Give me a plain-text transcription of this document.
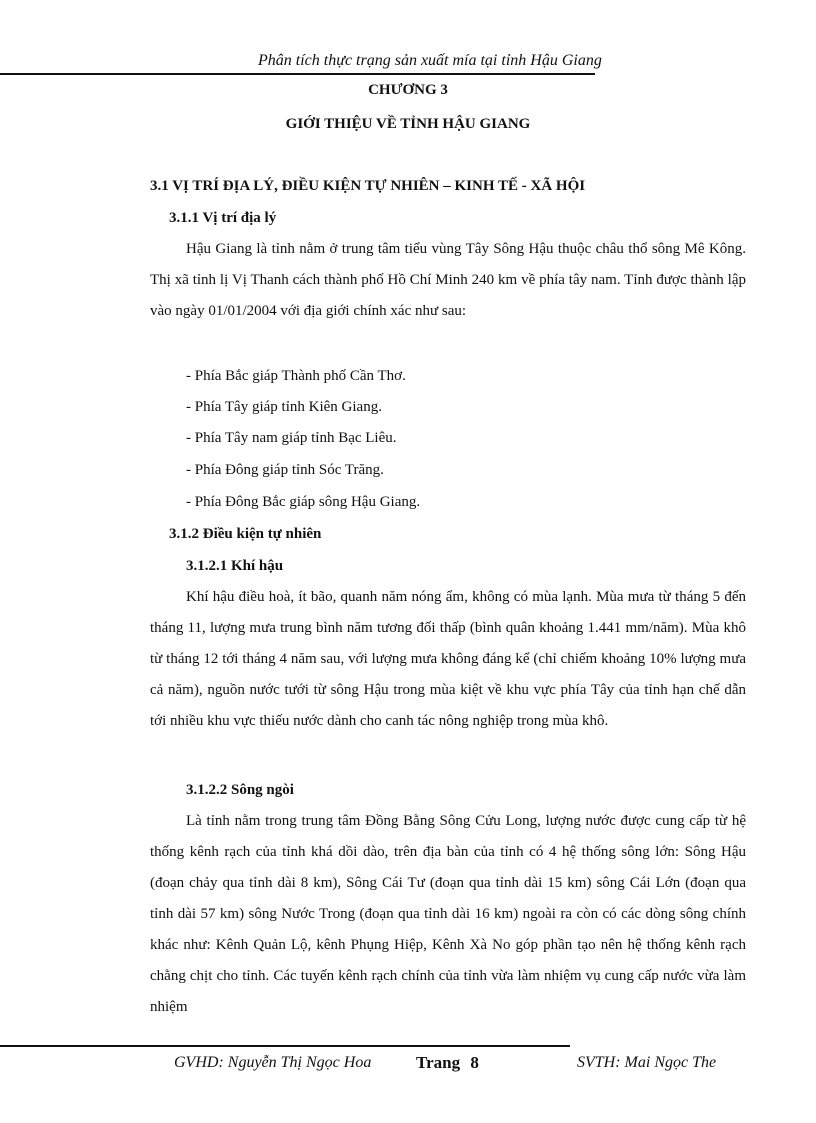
Phân tích thực trạng sản xuất mía tại tỉnh Hậu Giang
CHƯƠNG 3
GIỚI THIỆU VỀ TỈNH HẬU GIANG
3.1 VỊ TRÍ ĐỊA LÝ, ĐIỀU KIỆN TỰ NHIÊN – KINH TẾ - XÃ HỘI
3.1.1 Vị trí địa lý

Hậu Giang là tỉnh nằm ở trung tâm tiểu vùng Tây Sông Hậu thuộc châu thổ sông Mê Kông. Thị xã tỉnh lị Vị Thanh cách thành phố Hồ Chí Minh 240 km về phía tây nam. Tỉnh được thành lập vào ngày 01/01/2004 với địa giới chính xác như sau:

- Phía Bắc giáp Thành phố Cần Thơ.
- Phía Tây giáp tỉnh Kiên Giang.
- Phía Tây nam giáp tỉnh Bạc Liêu.
- Phía Đông giáp tỉnh Sóc Trăng.
- Phía Đông Bắc giáp sông Hậu Giang.
3.1.2 Điều kiện tự nhiên
3.1.2.1 Khí hậu

Khí hậu điều hoà, ít bão, quanh năm nóng ẩm, không có mùa lạnh. Mùa mưa từ tháng 5 đến tháng 11, lượng mưa trung bình năm tương đối thấp (bình quân khoảng 1.441 mm/năm). Mùa khô từ tháng 12 tới tháng 4 năm sau, với lượng mưa không đáng kể (chỉ chiếm khoảng 10% lượng mưa cả năm), nguồn nước tưới từ sông Hậu trong mùa kiệt về khu vực phía Tây của tỉnh hạn chế dẫn tới nhiều khu vực thiếu nước dành cho canh tác nông nghiệp trong mùa khô.

3.1.2.2 Sông ngòi

Là tỉnh nằm trong trung tâm Đồng Bằng Sông Cửu Long, lượng nước được cung cấp từ hệ thống kênh rạch của tỉnh khá dồi dào, trên địa bàn của tỉnh có 4 hệ thống sông lớn: Sông Hậu (đoạn chảy qua tỉnh dài 8 km), Sông Cái Tư (đoạn qua tỉnh dài 15 km) sông Cái Lớn (đoạn qua tỉnh dài 57 km) sông Nước Trong (đoạn qua tỉnh dài 16 km) ngoài ra còn có các dòng sông chính khác như: Kênh Quản Lộ, kênh Phụng Hiệp, Kênh Xà No góp phần tạo nên hệ thống kênh rạch chằng chịt cho tỉnh. Các tuyến kênh rạch chính của tỉnh vừa làm nhiệm vụ cung cấp nước vừa làm nhiệm

GVHD: Nguyễn Thị Ngọc Hoa	Trang 8	SVTH: Mai Ngọc The
